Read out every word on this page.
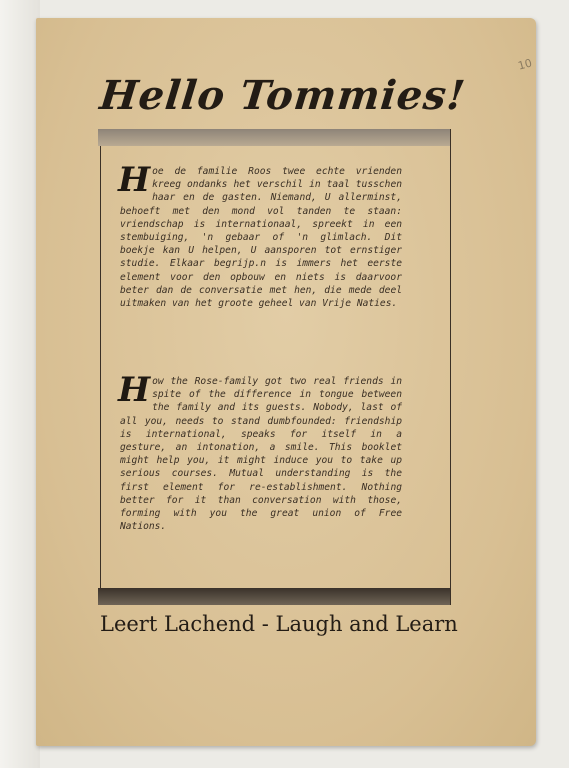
10
Hello Tommies!
Hoe de familie Roos twee echte vrienden kreeg ondanks het verschil in taal tusschen haar en de gasten. Niemand, U allerminst, behoeft met den mond vol tanden te staan: vriendschap is internationaal, spreekt in een stembuiging, 'n gebaar of 'n glimlach. Dit boekje kan U helpen, U aansporen tot ernstiger studie. Elkaar begrijp.n is immers het eerste element voor den opbouw en niets is daarvoor beter dan de conversatie met hen, die mede deel uitmaken van het groote geheel van Vrije Naties.
How the Rose-family got two real friends in spite of the difference in tongue between the family and its guests. Nobody, last of all you, needs to stand dumbfounded: friendship is international, speaks for itself in a gesture, an intonation, a smile. This booklet might help you, it might induce you to take up serious courses. Mutual understanding is the first element for re-establishment. Nothing better for it than conversation with those, forming with you the great union of Free Nations.
Leert Lachend - Laugh and Learn
